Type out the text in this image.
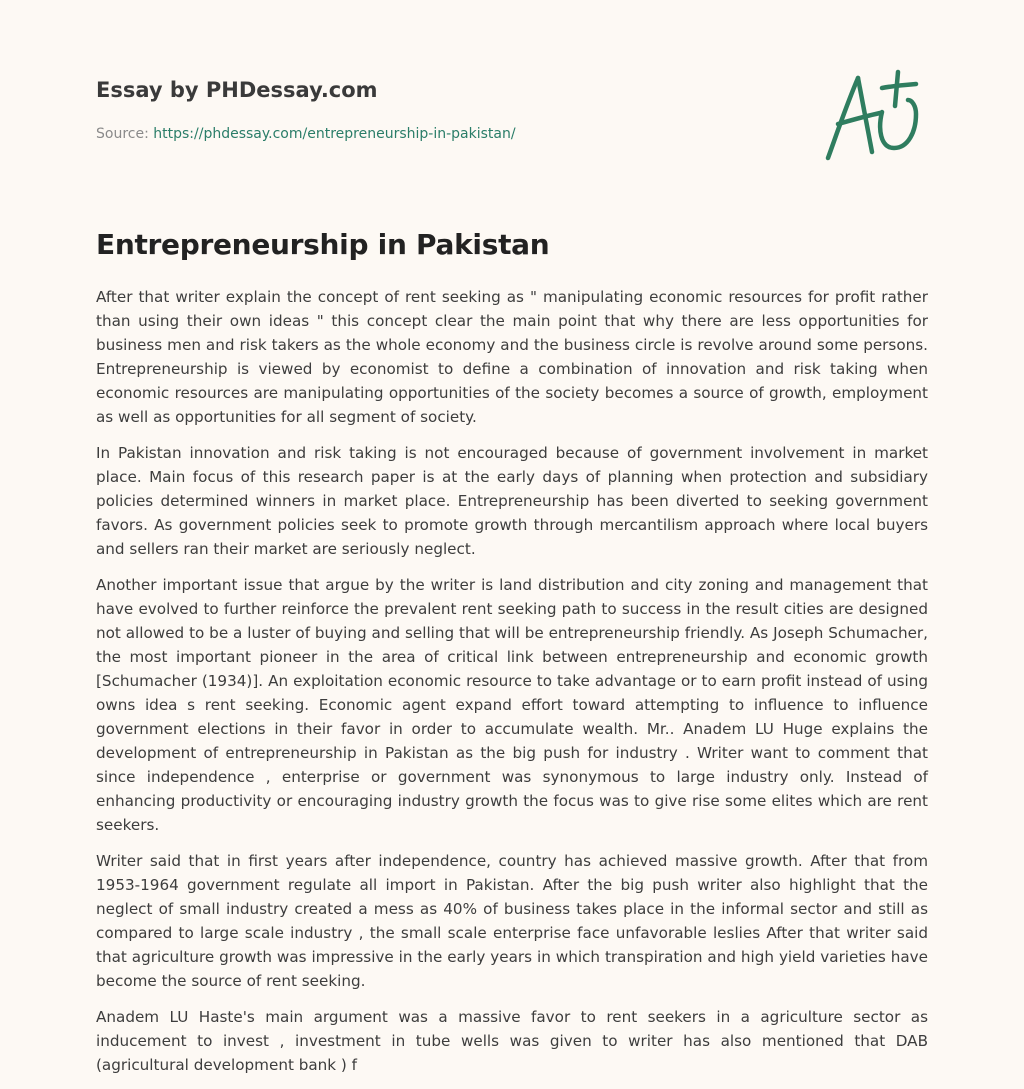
Essay by PHDessay.com
Source: https://phdessay.com/entrepreneurship-in-pakistan/
Entrepreneurship in Pakistan

After that writer explain the concept of rent seeking as " manipulating economic resources for profit rather than using their own ideas " this concept clear the main point that why there are less opportunities for business men and risk takers as the whole economy and the business circle is revolve around some persons. Entrepreneurship is viewed by economist to define a combination of innovation and risk taking when economic resources are manipulating opportunities of the society becomes a source of growth, employment as well as opportunities for all segment of society.

In Pakistan innovation and risk taking is not encouraged because of government involvement in market place. Main focus of this research paper is at the early days of planning when protection and subsidiary policies determined winners in market place. Entrepreneurship has been diverted to seeking government favors. As government policies seek to promote growth through mercantilism approach where local buyers and sellers ran their market are seriously neglect.

Another important issue that argue by the writer is land distribution and city zoning and management that have evolved to further reinforce the prevalent rent seeking path to success in the result cities are designed not allowed to be a luster of buying and selling that will be entrepreneurship friendly. As Joseph Schumacher, the most important pioneer in the area of critical link between entrepreneurship and economic growth [Schumacher (1934)]. An exploitation economic resource to take advantage or to earn profit instead of using owns idea s rent seeking. Economic agent expand effort toward attempting to influence to influence government elections in their favor in order to accumulate wealth. Mr.. Anadem LU Huge explains the development of entrepreneurship in Pakistan as the big push for industry . Writer want to comment that since independence , enterprise or government was synonymous to large industry only. Instead of enhancing productivity or encouraging industry growth the focus was to give rise some elites which are rent seekers.

Writer said that in first years after independence, country has achieved massive growth. After that from 1953-1964 government regulate all import in Pakistan. After the big push writer also highlight that the neglect of small industry created a mess as 40% of business takes place in the informal sector and still as compared to large scale industry , the small scale enterprise face unfavorable leslies After that writer said that agriculture growth was impressive in the early years in which transpiration and high yield varieties have become the source of rent seeking.

Anadem LU Haste's main argument was a massive favor to rent seekers in a agriculture sector as inducement to invest , investment in tube wells was given to writer has also mentioned that DAB (agricultural development bank ) f
